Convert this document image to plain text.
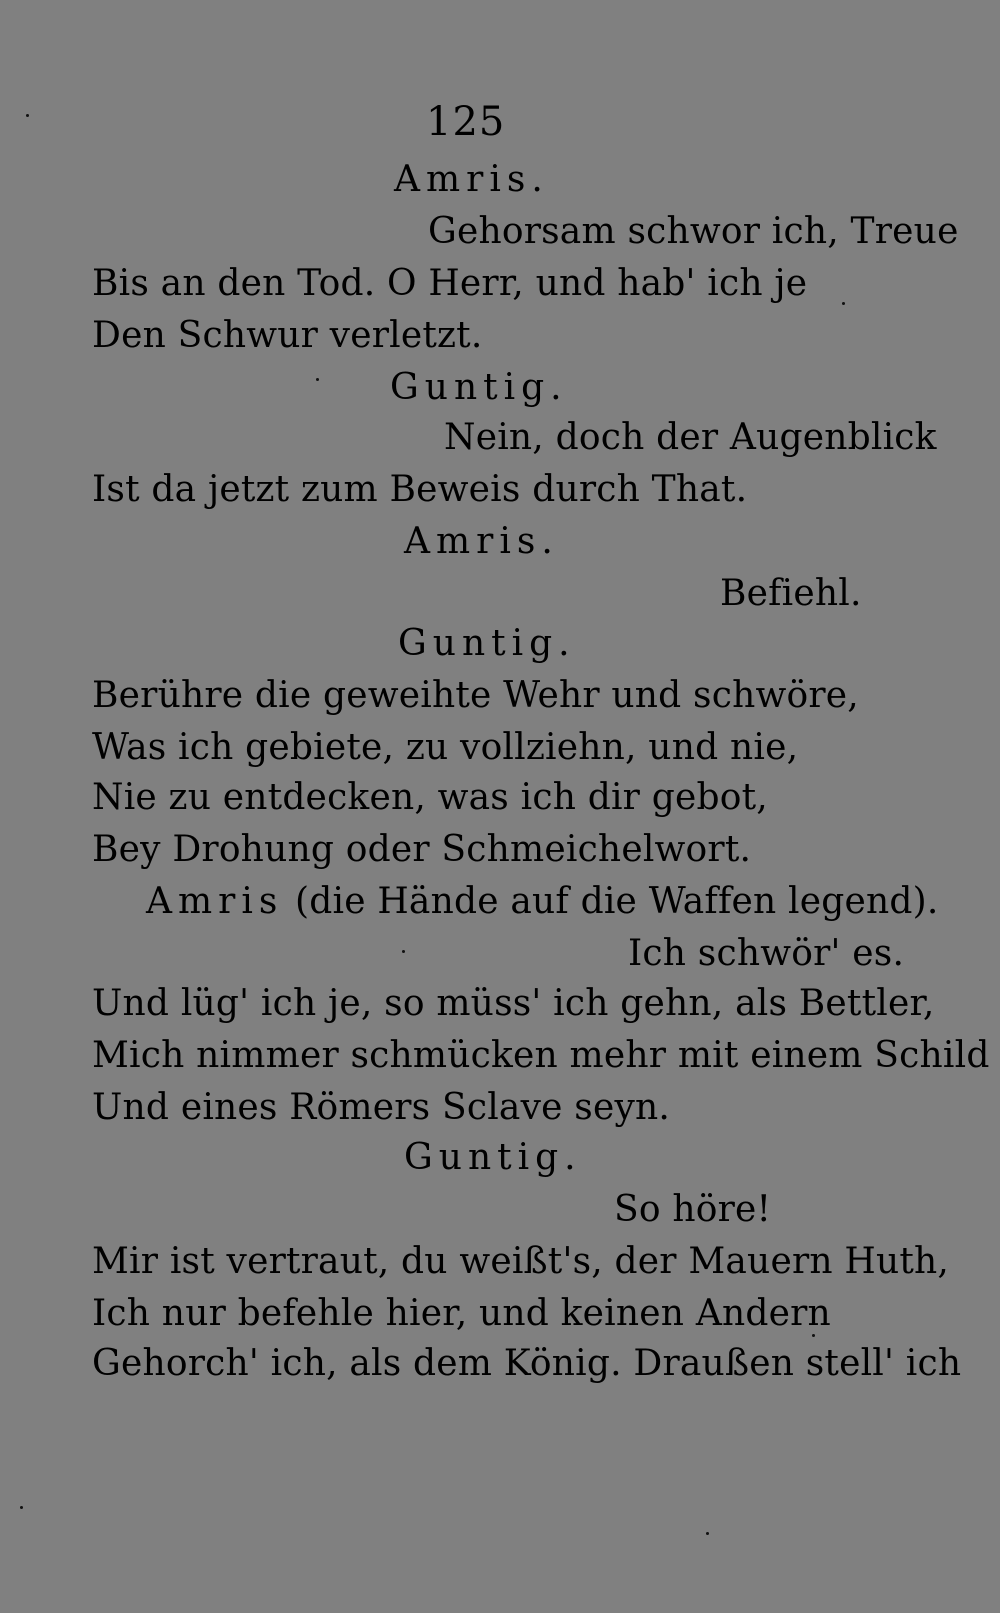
125
Amris.
Gehorsam schwor ich, Treue
Bis an den Tod. O Herr, und hab' ich je
Den Schwur verletzt.
Guntig.
Nein, doch der Augenblick
Ist da jetzt zum Beweis durch That.
Amris.
Befiehl.
Guntig.
Berühre die geweihte Wehr und schwöre,
Was ich gebiete, zu vollziehn, und nie,
Nie zu entdecken, was ich dir gebot,
Bey Drohung oder Schmeichelwort.
Amris (die Hände auf die Waffen legend).
Ich schwör' es.
Und lüg' ich je, so müss' ich gehn, als Bettler,
Mich nimmer schmücken mehr mit einem Schild
Und eines Römers Sclave seyn.
Guntig.
So höre!
Mir ist vertraut, du weißt's, der Mauern Huth,
Ich nur befehle hier, und keinen Andern
Gehorch' ich, als dem König. Draußen stell' ich
